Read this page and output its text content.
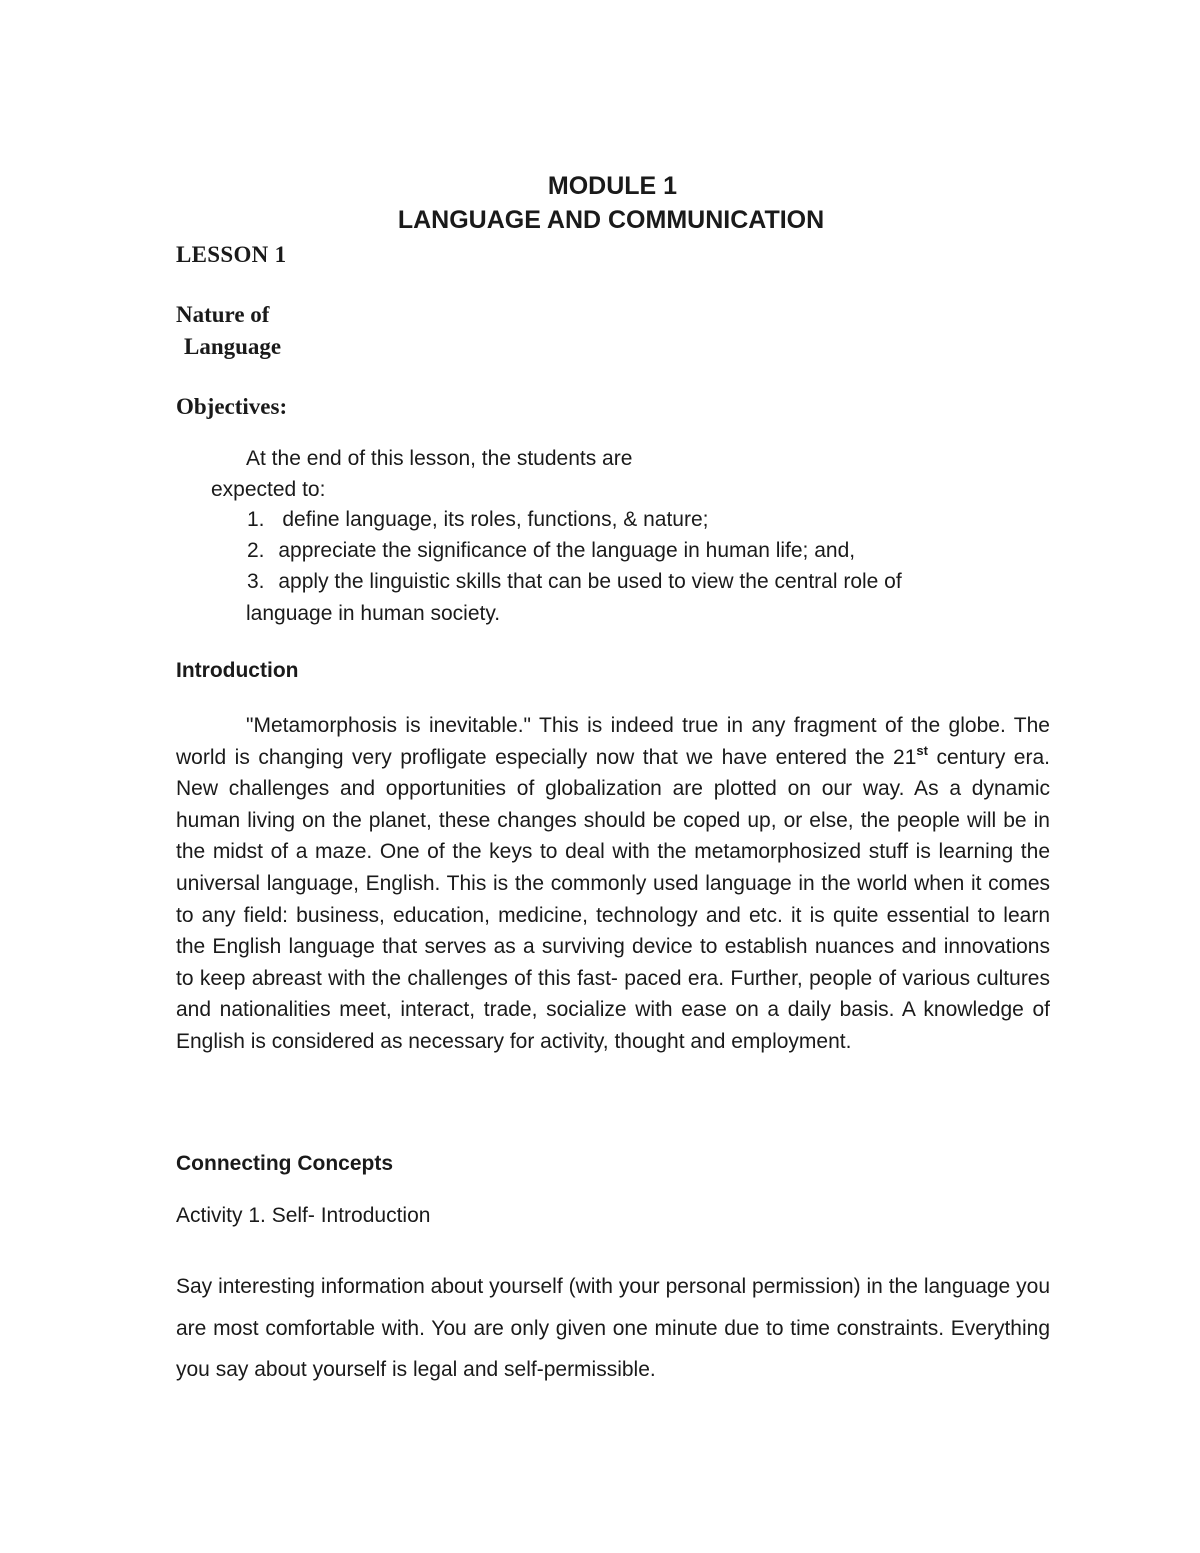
MODULE 1

LANGUAGE AND COMMUNICATION

LESSON 1

Nature of

Language

Objectives:

At the end of this lesson, the students are

expected to:

1. define language, its roles, functions, & nature;
2. appreciate the significance of the language in human life; and,
3. apply the linguistic skills that can be used to view the central role of

language in human society.

Introduction

"Metamorphosis is inevitable." This is indeed true in any fragment of the globe. The world is changing very profligate especially now that we have entered the 21st century era. New challenges and opportunities of globalization are plotted on our way. As a dynamic human living on the planet, these changes should be coped up, or else, the people will be in the midst of a maze. One of the keys to deal with the metamorphosized stuff is learning the universal language, English. This is the commonly used language in the world when it comes to any field: business, education, medicine, technology and etc. it is quite essential to learn the English language that serves as a surviving device to establish nuances and innovations to keep abreast with the challenges of this fast- paced era. Further, people of various cultures and nationalities meet, interact, trade, socialize with ease on a daily basis. A knowledge of English is considered as necessary for activity, thought and employment.

Connecting Concepts

Activity 1. Self- Introduction

Say interesting information about yourself (with your personal permission) in the language you are most comfortable with. You are only given one minute due to time constraints. Everything you say about yourself is legal and self-permissible.
